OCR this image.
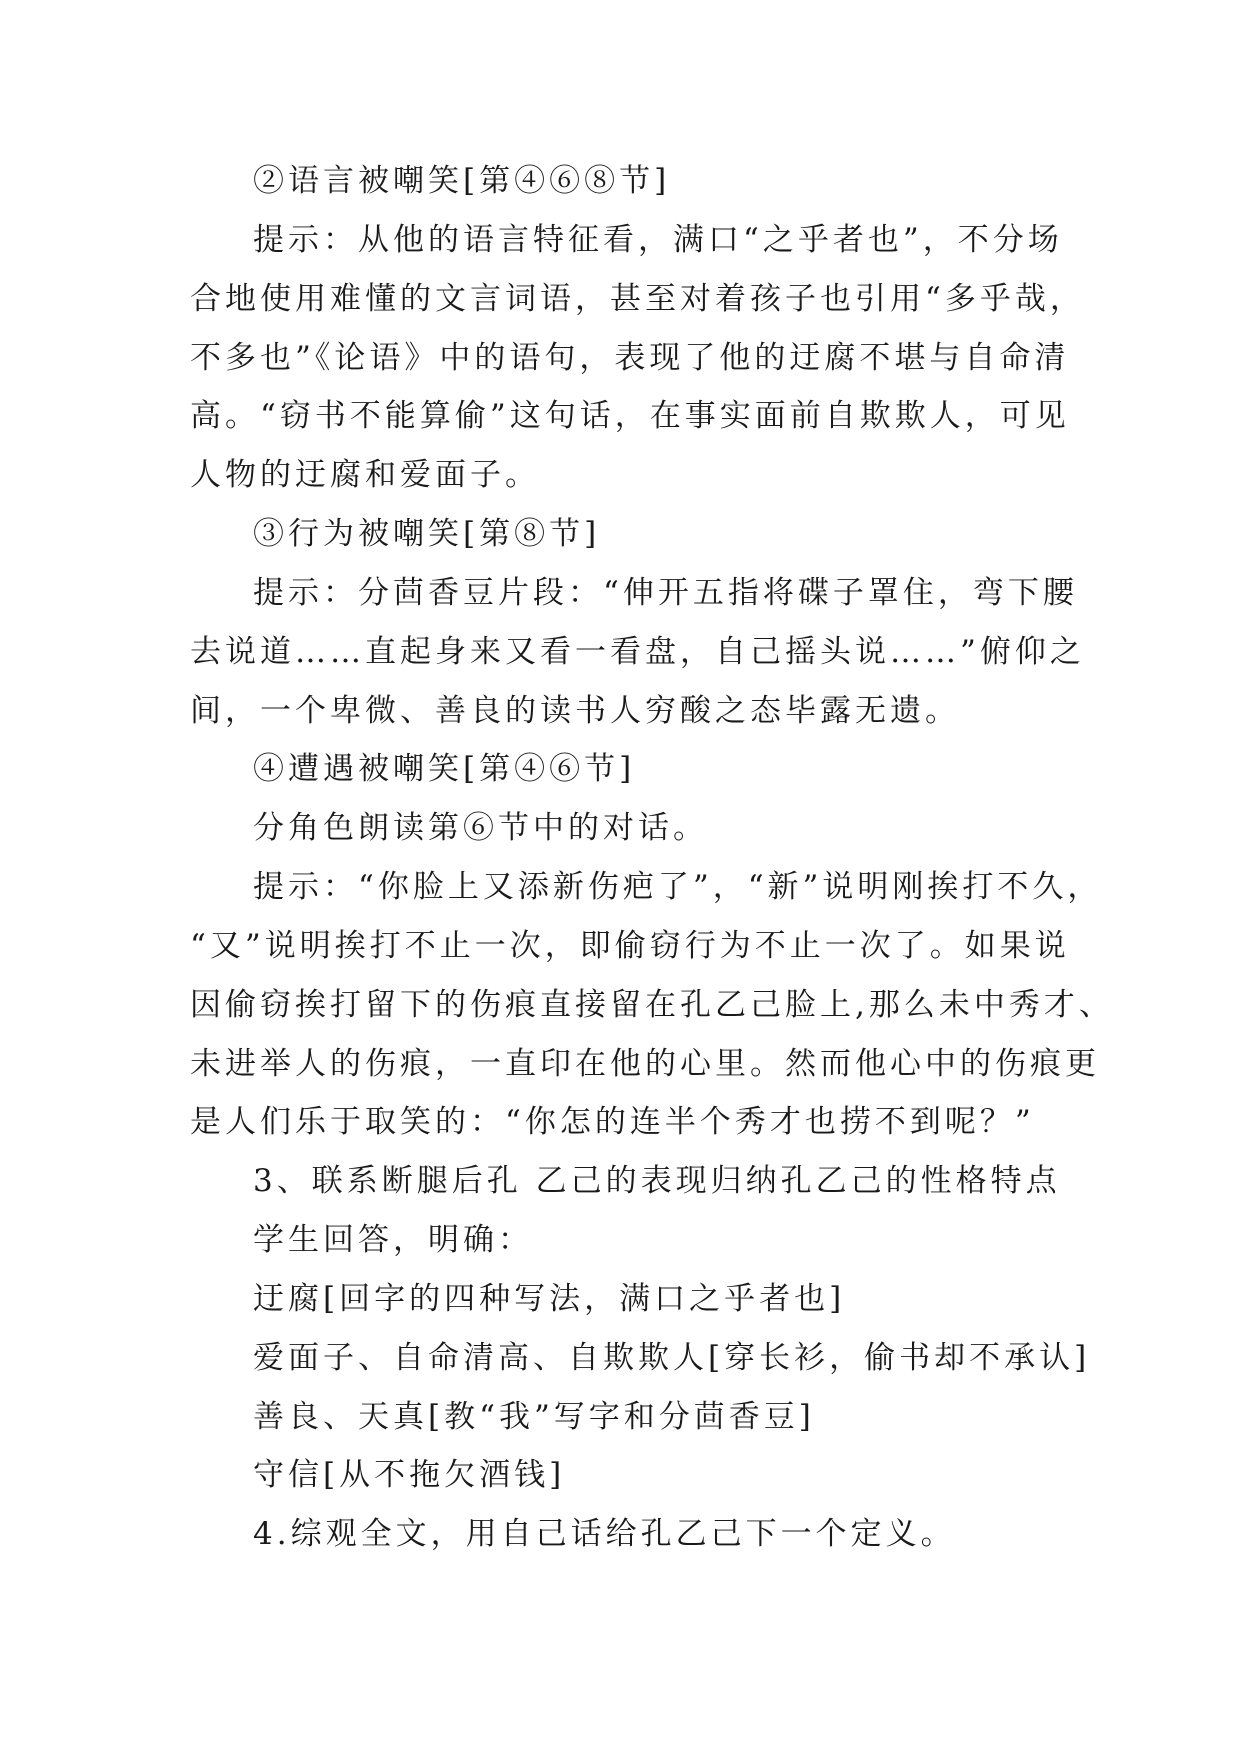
②语言被嘲笑[第④⑥⑧节]
提示：从他的语言特征看，满口“之乎者也”，不分场
合地使用难懂的文言词语，甚至对着孩子也引用“多乎哉，
不多也”《论语》中的语句，表现了他的迂腐不堪与自命清
高。“窃书不能算偷”这句话，在事实面前自欺欺人，可见
人物的迂腐和爱面子。
③行为被嘲笑[第⑧节]
提示：分茴香豆片段：“伸开五指将碟子罩住，弯下腰
去说道……直起身来又看一看盘，自己摇头说……”俯仰之
间，一个卑微、善良的读书人穷酸之态毕露无遗。
④遭遇被嘲笑[第④⑥节]
分角色朗读第⑥节中的对话。
提示：“你脸上又添新伤疤了”，“新”说明刚挨打不久，
“又”说明挨打不止一次，即偷窃行为不止一次了。如果说
因偷窃挨打留下的伤痕直接留在孔乙己脸上,那么未中秀才、
未进举人的伤痕，一直印在他的心里。然而他心中的伤痕更
是人们乐于取笑的：“你怎的连半个秀才也捞不到呢？”
3、联系断腿后孔 乙己的表现归纳孔乙己的性格特点
学生回答，明确：
迂腐[回字的四种写法，满口之乎者也]
爱面子、自命清高、自欺欺人[穿长衫，偷书却不承认]
善良、天真[教“我”写字和分茴香豆]
守信[从不拖欠酒钱]
4.综观全文，用自己话给孔乙己下一个定义。
